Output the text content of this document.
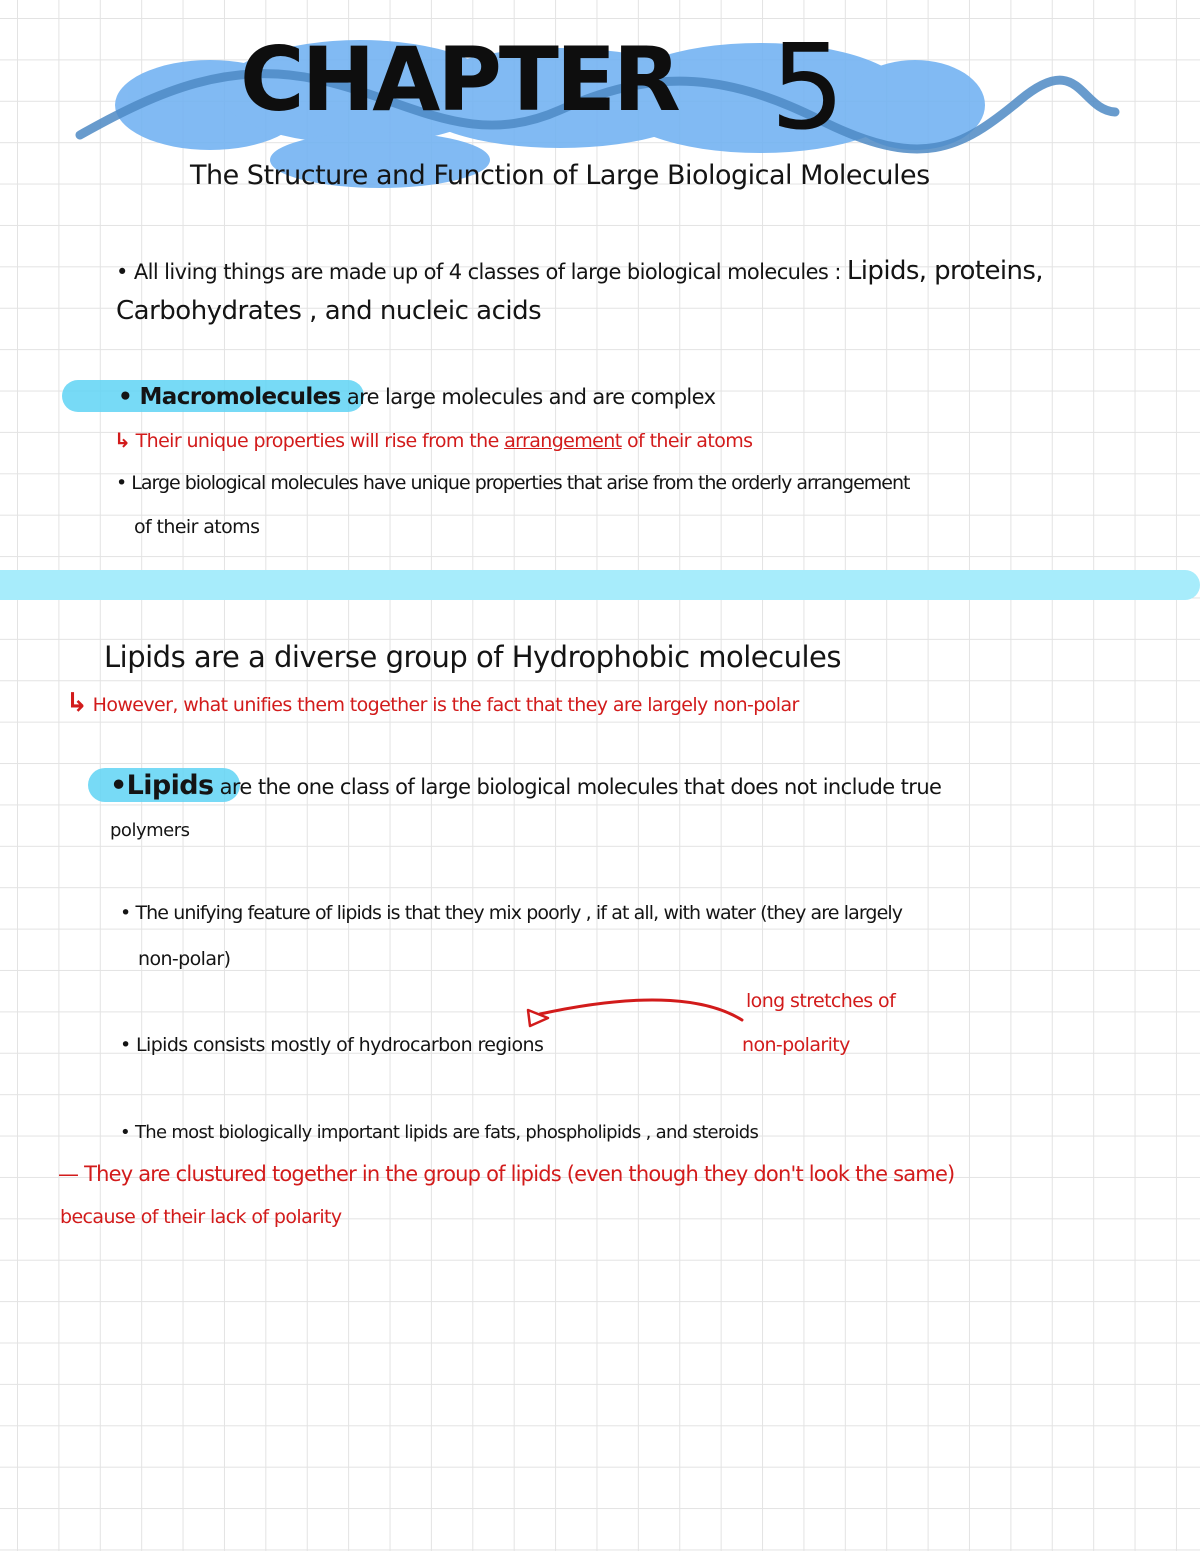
CHAPTER 5
The Structure and Function of Large Biological Molecules
• All living things are made up of 4 classes of large biological molecules : Lipids, proteins,
Carbohydrates , and nucleic acids
• Macromolecules are large molecules and are complex
↳ Their unique properties will rise from the arrangement of their atoms
• Large biological molecules have unique properties that arise from the orderly arrangement
of their atoms
Lipids are a diverse group of Hydrophobic molecules
↳ However, what unifies them together is the fact that they are largely non-polar
•Lipids are the one class of large biological molecules that does not include true
polymers
• The unifying feature of lipids is that they mix poorly , if at all, with water (they are largely
non-polar)
• Lipids consists mostly of hydrocarbon regions
long stretches of
non-polarity
• The most biologically important lipids are fats, phospholipids , and steroids
— They are clustured together in the group of lipids (even though they don't look the same)
because of their lack of polarity
